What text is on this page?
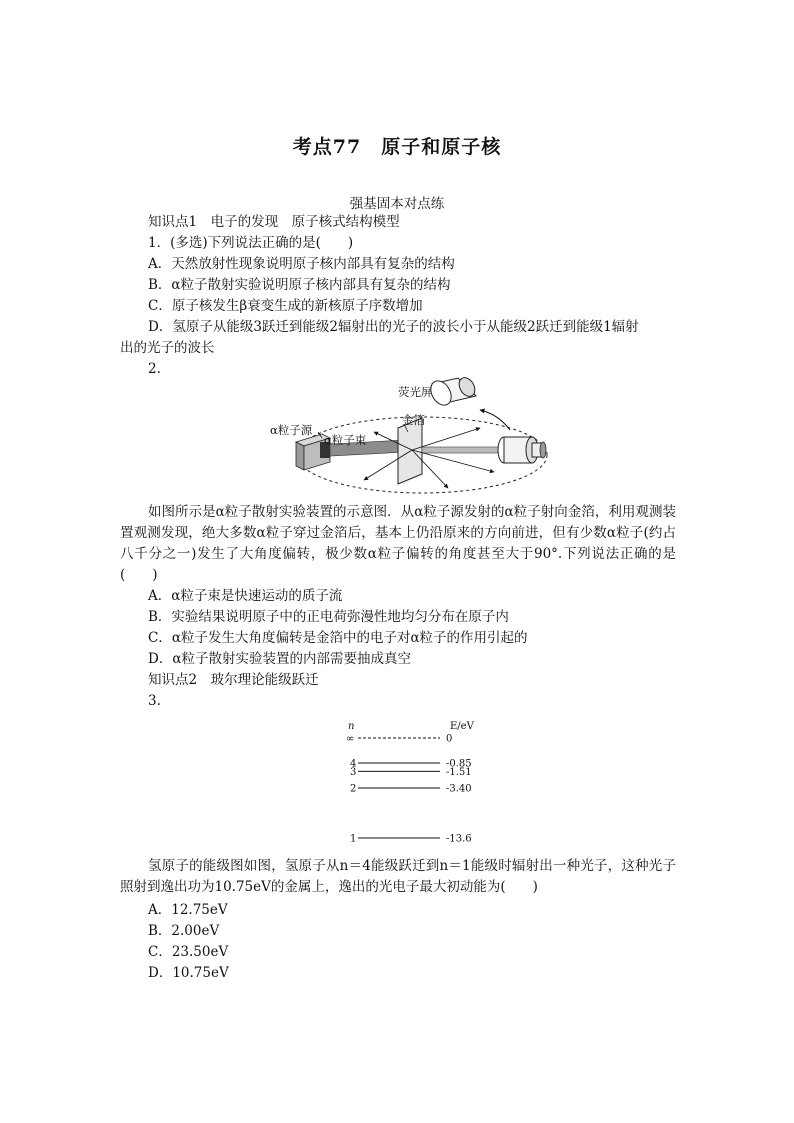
考点77　原子和原子核
强基固本对点练
知识点1　电子的发现　原子核式结构模型
1．(多选)下列说法正确的是(　　)
A．天然放射性现象说明原子核内部具有复杂的结构
B．α粒子散射实验说明原子核内部具有复杂的结构
C．原子核发生β衰变生成的新核原子序数增加
D．氢原子从能级3跃迁到能级2辐射出的光子的波长小于从能级2跃迁到能级1辐射
出的光子的波长
2.
荧光屏
α粒子源
α粒子束
金箔
如图所示是α粒子散射实验装置的示意图．从α粒子源发射的α粒子射向金箔，利用观测装置观测发现，绝大多数α粒子穿过金箔后，基本上仍沿原来的方向前进，但有少数α粒子(约占八千分之一)发生了大角度偏转，极少数α粒子偏转的角度甚至大于90°.下列说法正确的是(　　)
A．α粒子束是快速运动的质子流
B．实验结果说明原子中的正电荷弥漫性地均匀分布在原子内
C．α粒子发生大角度偏转是金箔中的电子对α粒子的作用引起的
D．α粒子散射实验装置的内部需要抽成真空
知识点2　玻尔理论能级跃迁
3.
n	E/eV
∞	0
4	-0.85
3	-1.51
2	-3.40
1	-13.6
氢原子的能级图如图，氢原子从n＝4能级跃迁到n＝1能级时辐射出一种光子，这种光子照射到逸出功为10.75eV的金属上，逸出的光电子最大初动能为(　　)
A．12.75eV
B．2.00eV
C．23.50eV
D．10.75eV
